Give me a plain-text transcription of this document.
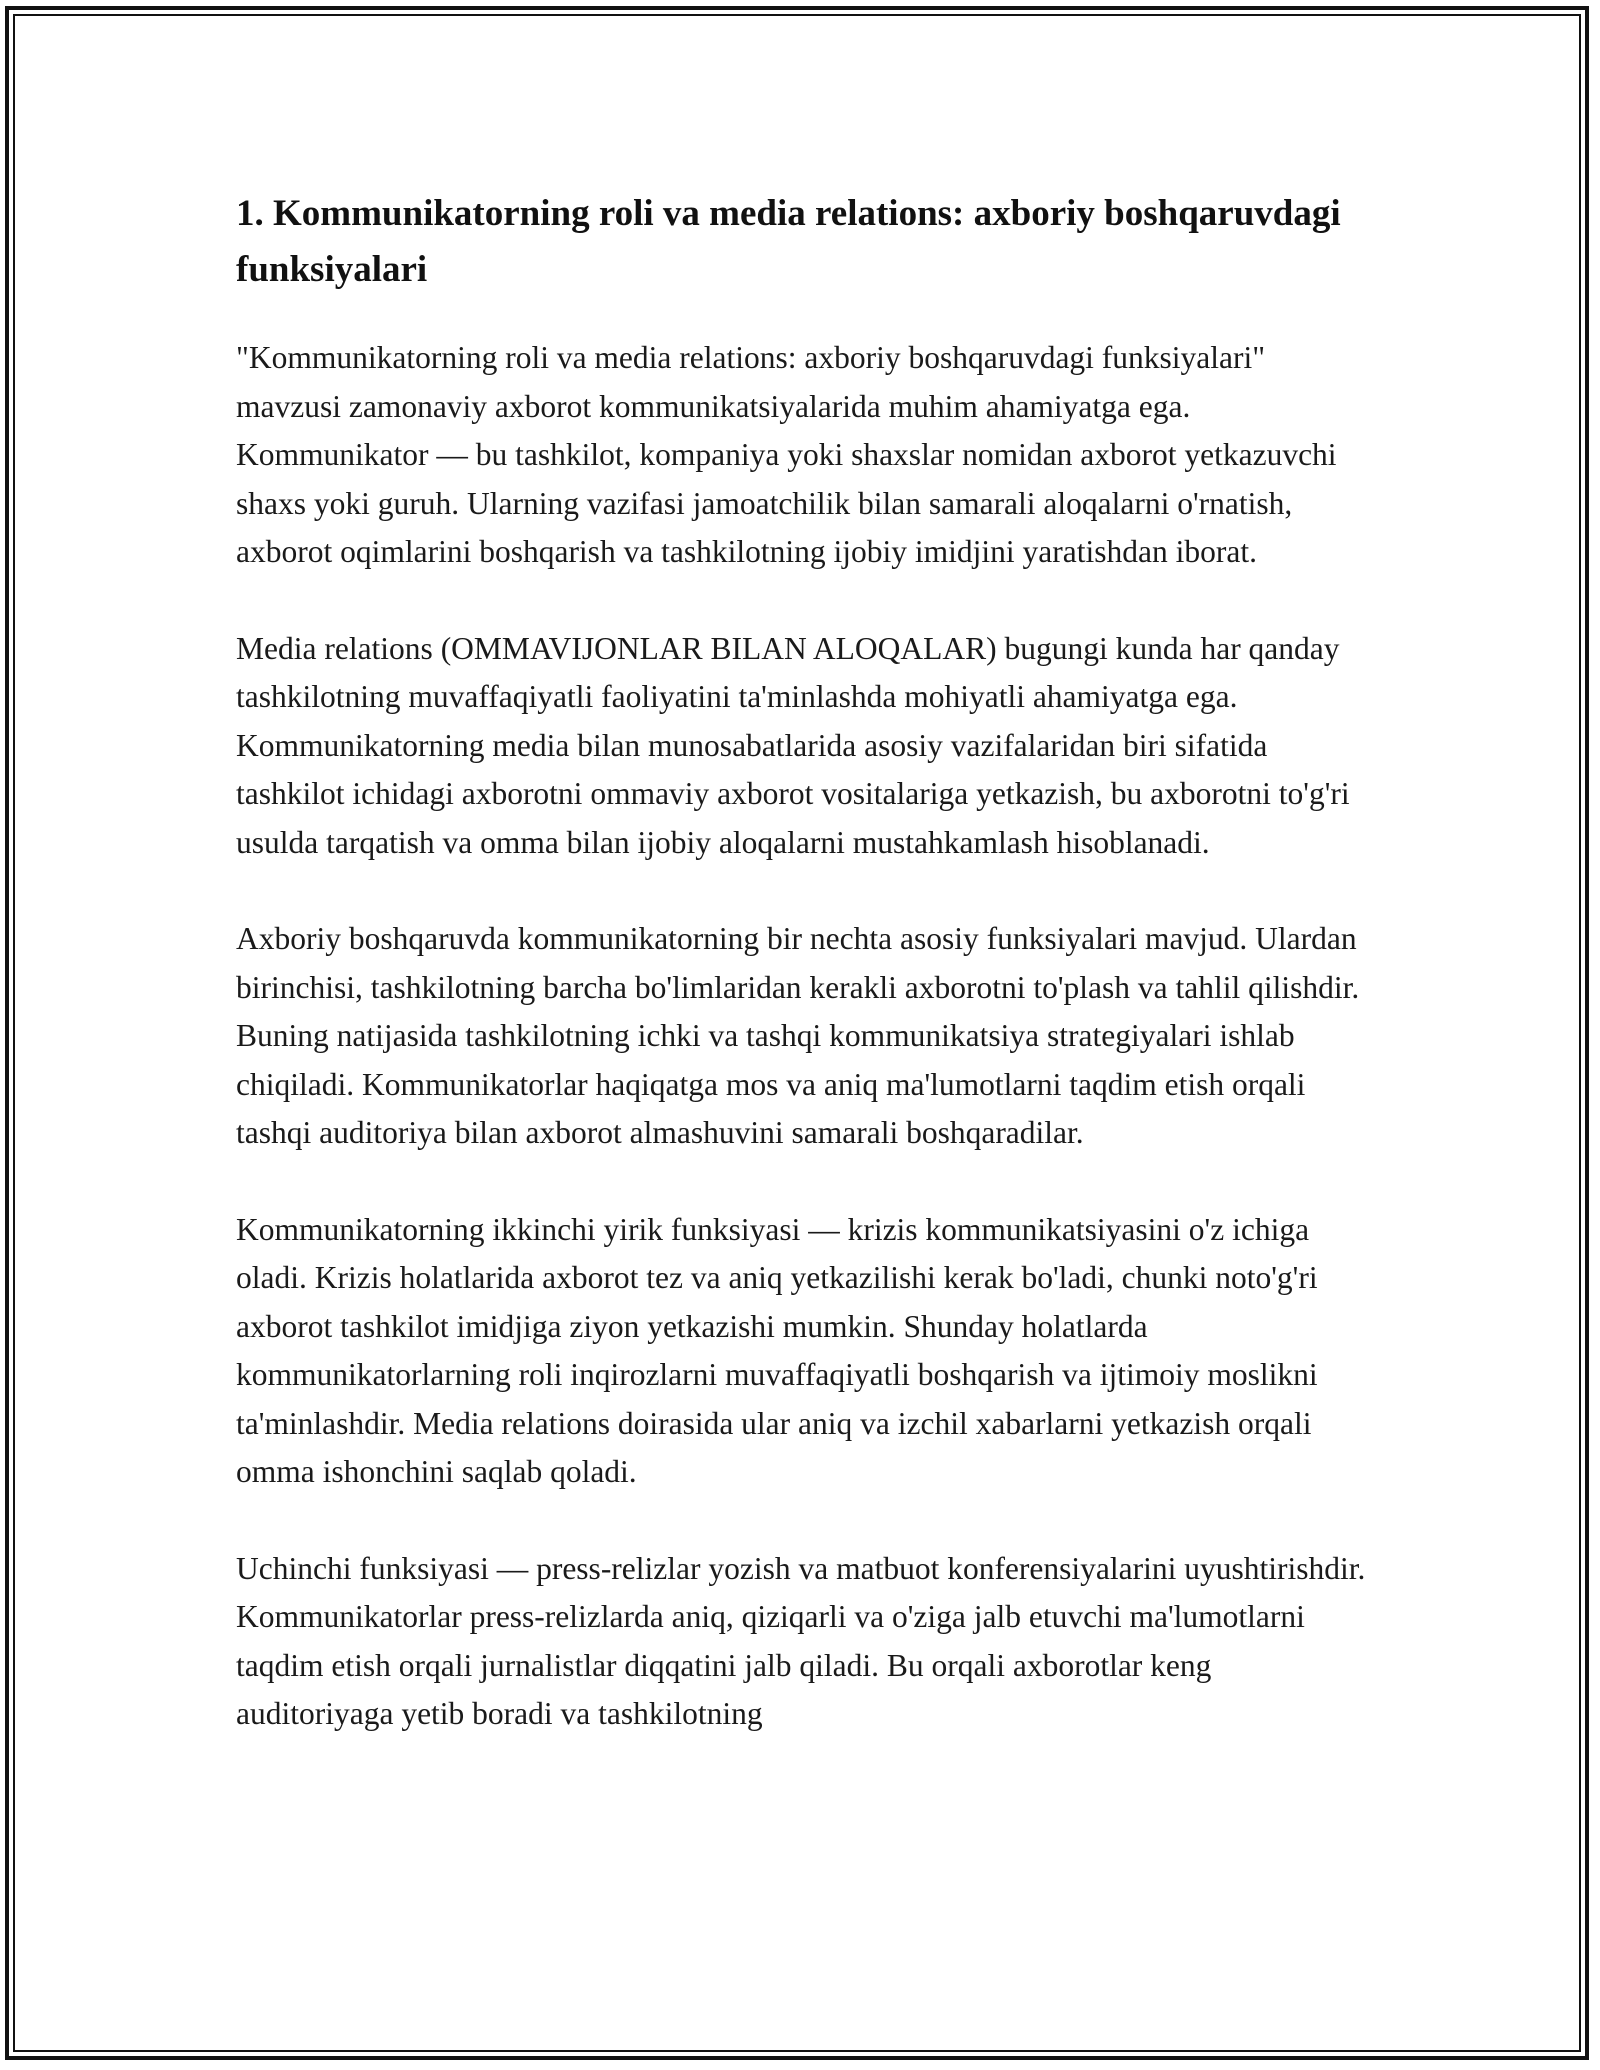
1. Kommunikatorning roli va media relations: axboriy boshqaruvdagi funksiyalari

"Kommunikatorning roli va media relations: axboriy boshqaruvdagi funksiyalari" mavzusi zamonaviy axborot kommunikatsiyalarida muhim ahamiyatga ega. Kommunikator — bu tashkilot, kompaniya yoki shaxslar nomidan axborot yetkazuvchi shaxs yoki guruh. Ularning vazifasi jamoatchilik bilan samarali aloqalarni o'rnatish, axborot oqimlarini boshqarish va tashkilotning ijobiy imidjini yaratishdan iborat.

Media relations (OMMAVIJONLAR BILAN ALOQALAR) bugungi kunda har qanday tashkilotning muvaffaqiyatli faoliyatini ta'minlashda mohiyatli ahamiyatga ega. Kommunikatorning media bilan munosabatlarida asosiy vazifalaridan biri sifatida tashkilot ichidagi axborotni ommaviy axborot vositalariga yetkazish, bu axborotni to'g'ri usulda tarqatish va omma bilan ijobiy aloqalarni mustahkamlash hisoblanadi.

Axboriy boshqaruvda kommunikatorning bir nechta asosiy funksiyalari mavjud. Ulardan birinchisi, tashkilotning barcha bo'limlaridan kerakli axborotni to'plash va tahlil qilishdir. Buning natijasida tashkilotning ichki va tashqi kommunikatsiya strategiyalari ishlab chiqiladi. Kommunikatorlar haqiqatga mos va aniq ma'lumotlarni taqdim etish orqali tashqi auditoriya bilan axborot almashuvini samarali boshqaradilar.

Kommunikatorning ikkinchi yirik funksiyasi — krizis kommunikatsiyasini o'z ichiga oladi. Krizis holatlarida axborot tez va aniq yetkazilishi kerak bo'ladi, chunki noto'g'ri axborot tashkilot imidjiga ziyon yetkazishi mumkin. Shunday holatlarda kommunikatorlarning roli inqirozlarni muvaffaqiyatli boshqarish va ijtimoiy moslikni ta'minlashdir. Media relations doirasida ular aniq va izchil xabarlarni yetkazish orqali omma ishonchini saqlab qoladi.

Uchinchi funksiyasi — press-relizlar yozish va matbuot konferensiyalarini uyushtirishdir. Kommunikatorlar press-relizlarda aniq, qiziqarli va o'ziga jalb etuvchi ma'lumotlarni taqdim etish orqali jurnalistlar diqqatini jalb qiladi. Bu orqali axborotlar keng auditoriyaga yetib boradi va tashkilotning
